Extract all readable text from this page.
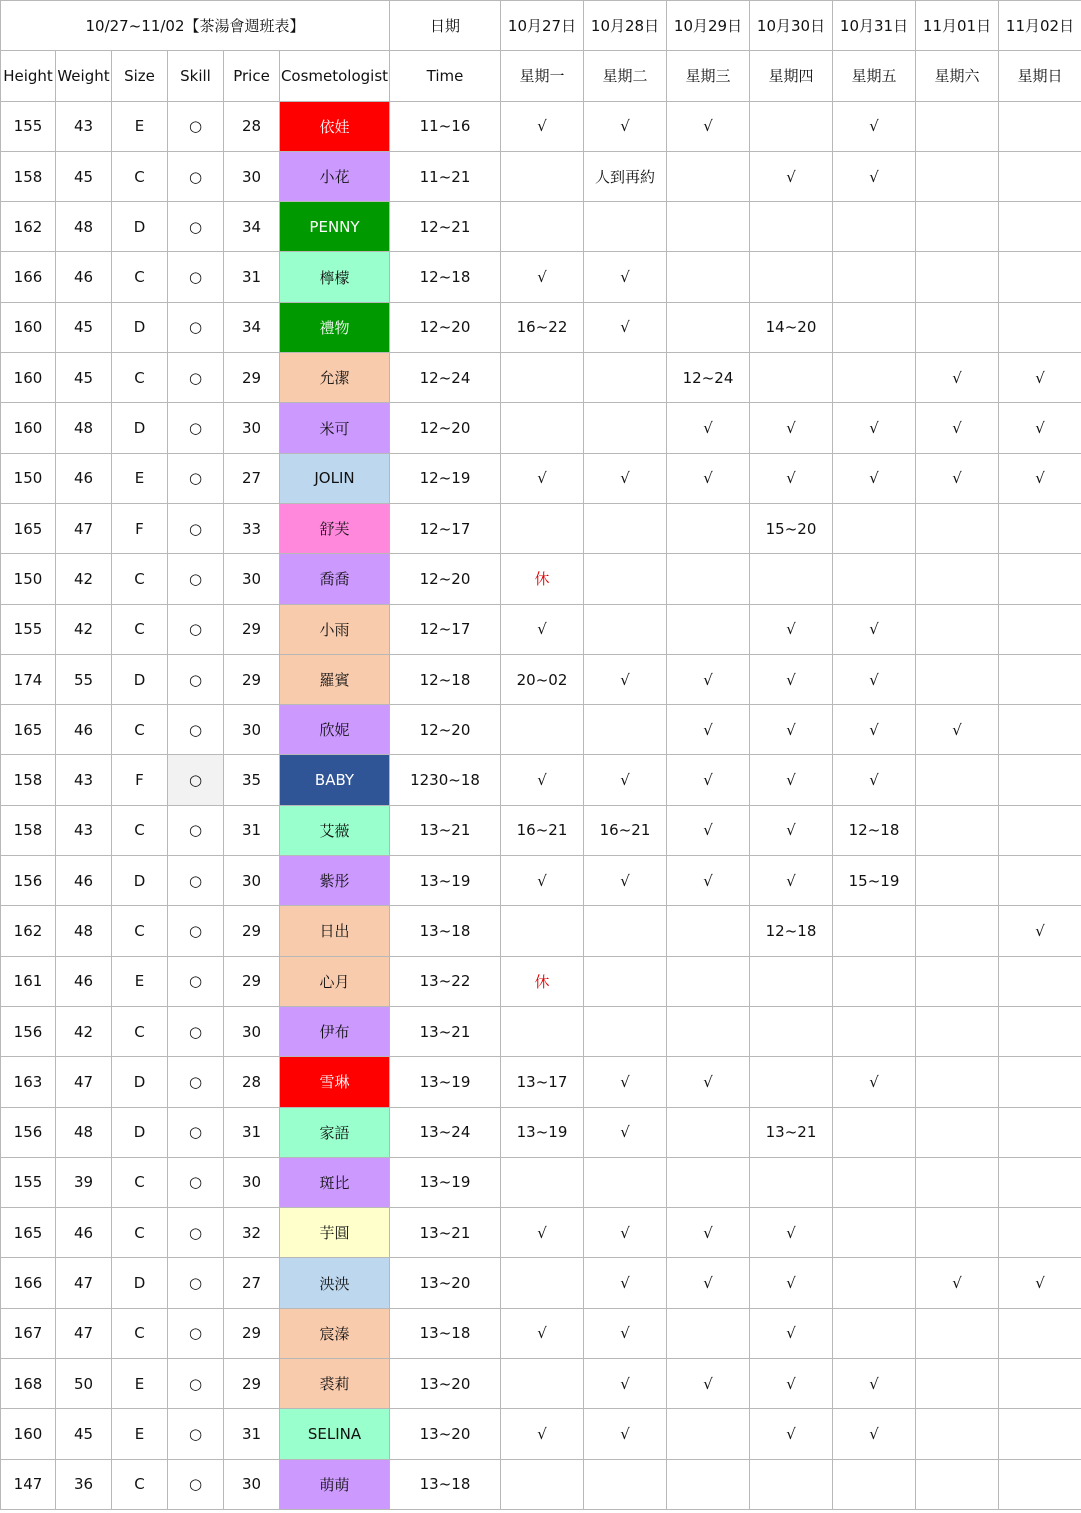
10/27~11/02【茶湯會週班表】						日期	10月27日	10月28日	10月29日	10月30日	10月31日	11月01日	11月02日
Height	Weight	Size	Skill	Price	Cosmetologist	Time	星期一	星期二	星期三	星期四	星期五	星期六	星期日
155	43	E	○	28	依娃	11~16	√	√	√		√		
158	45	C	○	30	小花	11~21		人到再約		√	√		
162	48	D	○	34	PENNY	12~21							
166	46	C	○	31	檸檬	12~18	√	√					
160	45	D	○	34	禮物	12~20	16~22	√		14~20			
160	45	C	○	29	允潔	12~24			12~24			√	√
160	48	D	○	30	米可	12~20			√	√	√	√	√
150	46	E	○	27	JOLIN	12~19	√	√	√	√	√	√	√
165	47	F	○	33	舒芙	12~17				15~20			
150	42	C	○	30	喬喬	12~20	休						
155	42	C	○	29	小雨	12~17	√			√	√		
174	55	D	○	29	羅賓	12~18	20~02	√	√	√	√		
165	46	C	○	30	欣妮	12~20			√	√	√	√	
158	43	F	○	35	BABY	1230~18	√	√	√	√	√		
158	43	C	○	31	艾薇	13~21	16~21	16~21	√	√	12~18		
156	46	D	○	30	紫彤	13~19	√	√	√	√	15~19		
162	48	C	○	29	日出	13~18				12~18			√
161	46	E	○	29	心月	13~22	休						
156	42	C	○	30	伊布	13~21							
163	47	D	○	28	雪琳	13~19	13~17	√	√		√		
156	48	D	○	31	家語	13~24	13~19	√		13~21			
155	39	C	○	30	斑比	13~19							
165	46	C	○	32	芋圓	13~21	√	√	√	√			
166	47	D	○	27	泱泱	13~20		√	√	√		√	√
167	47	C	○	29	宸溱	13~18	√	√		√			
168	50	E	○	29	裘莉	13~20		√	√	√	√		
160	45	E	○	31	SELINA	13~20	√	√		√	√		
147	36	C	○	30	萌萌	13~18							
